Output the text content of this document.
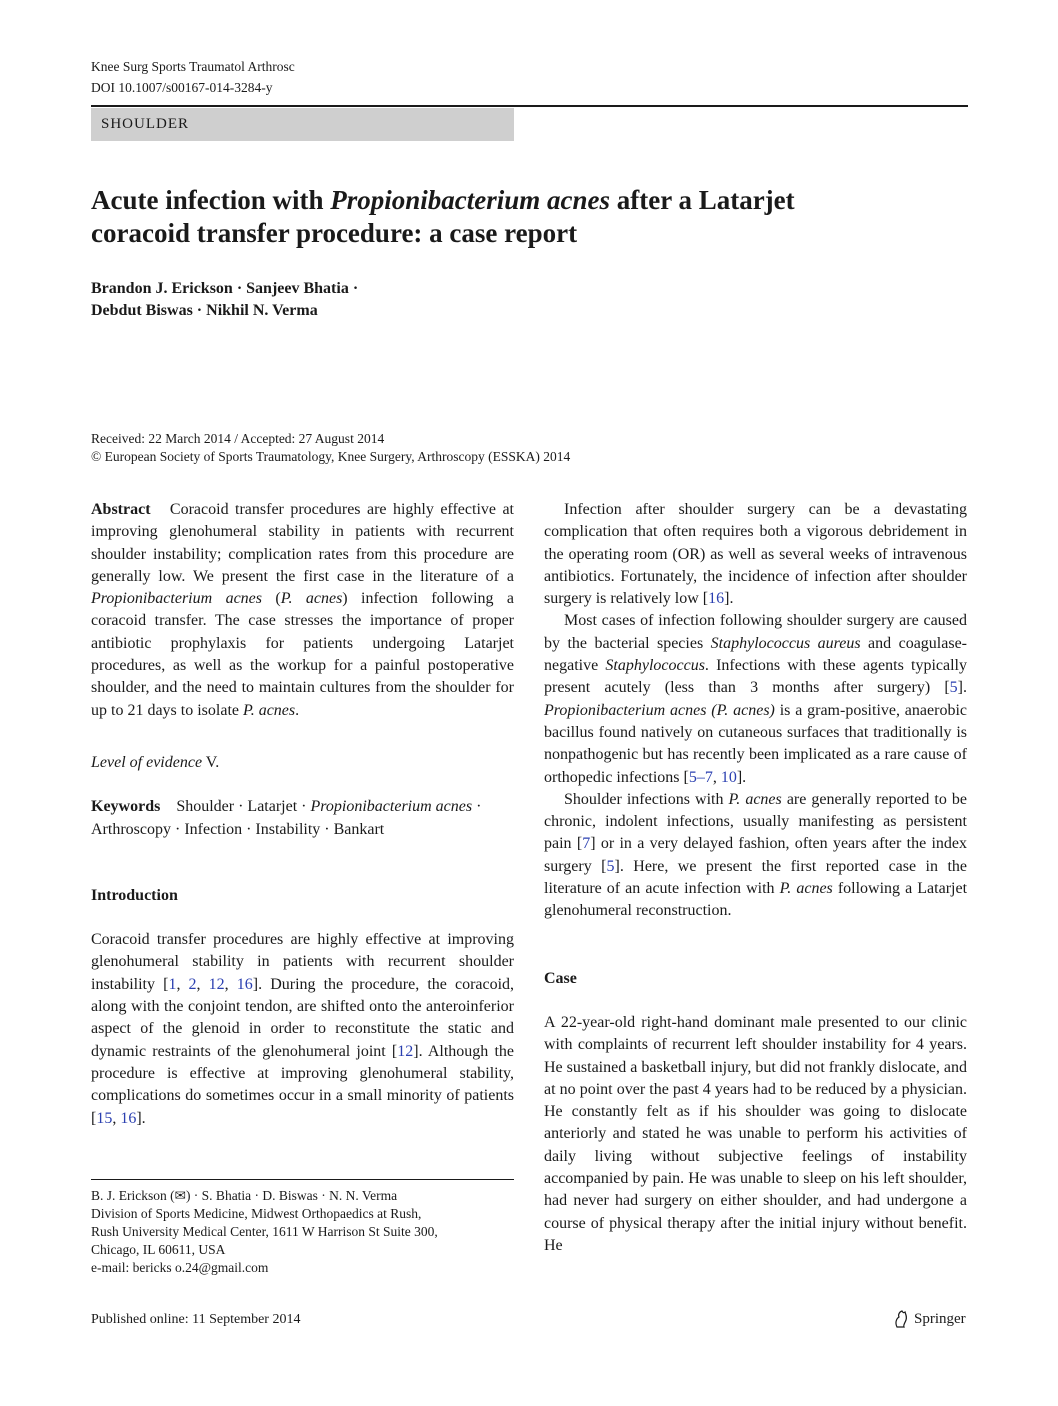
Knee Surg Sports Traumatol Arthrosc
DOI 10.1007/s00167-014-3284-y
SHOULDER
Acute infection with Propionibacterium acnes after a Latarjet
coracoid transfer procedure: a case report
Brandon J. Erickson · Sanjeev Bhatia ·
Debdut Biswas · Nikhil N. Verma
Received: 22 March 2014 / Accepted: 27 August 2014
© European Society of Sports Traumatology, Knee Surgery, Arthroscopy (ESSKA) 2014

Abstract Coracoid transfer procedures are highly effective at improving glenohumeral stability in patients with recurrent shoulder instability; complication rates from this procedure are generally low. We present the first case in the literature of a Propionibacterium acnes (P. acnes) infection following a coracoid transfer. The case stresses the importance of proper antibiotic prophylaxis for patients undergoing Latarjet procedures, as well as the workup for a painful postoperative shoulder, and the need to maintain cultures from the shoulder for up to 21 days to isolate P. acnes.

Level of evidence V.

Keywords Shoulder · Latarjet · Propionibacterium acnes · Arthroscopy · Infection · Instability · Bankart

Introduction

Coracoid transfer procedures are highly effective at improving glenohumeral stability in patients with recurrent shoulder instability [1, 2, 12, 16]. During the procedure, the coracoid, along with the conjoint tendon, are shifted onto the anteroinferior aspect of the glenoid in order to reconstitute the static and dynamic restraints of the glenohumeral joint [12]. Although the procedure is effective at improving glenohumeral stability, complications do sometimes occur in a small minority of patients [15, 16].

B. J. Erickson (✉) · S. Bhatia · D. Biswas · N. N. Verma
Division of Sports Medicine, Midwest Orthopaedics at Rush,
Rush University Medical Center, 1611 W Harrison St Suite 300,
Chicago, IL 60611, USA
e-mail: bericks o.24@gmail.com

Infection after shoulder surgery can be a devastating complication that often requires both a vigorous debridement in the operating room (OR) as well as several weeks of intravenous antibiotics. Fortunately, the incidence of infection after shoulder surgery is relatively low [16].

Most cases of infection following shoulder surgery are caused by the bacterial species Staphylococcus aureus and coagulase-negative Staphylococcus. Infections with these agents typically present acutely (less than 3 months after surgery) [5]. Propionibacterium acnes (P. acnes) is a gram-positive, anaerobic bacillus found natively on cutaneous surfaces that traditionally is nonpathogenic but has recently been implicated as a rare cause of orthopedic infections [5–7, 10].

Shoulder infections with P. acnes are generally reported to be chronic, indolent infections, usually manifesting as persistent pain [7] or in a very delayed fashion, often years after the index surgery [5]. Here, we present the first reported case in the literature of an acute infection with P. acnes following a Latarjet glenohumeral reconstruction.

Case

A 22-year-old right-hand dominant male presented to our clinic with complaints of recurrent left shoulder instability for 4 years. He sustained a basketball injury, but did not frankly dislocate, and at no point over the past 4 years had to be reduced by a physician. He constantly felt as if his shoulder was going to dislocate anteriorly and stated he was unable to perform his activities of daily living without subjective feelings of instability accompanied by pain. He was unable to sleep on his left shoulder, had never had surgery on either shoulder, and had undergone a course of physical therapy after the initial injury without benefit. He

Published online: 11 September 2014	Springer
